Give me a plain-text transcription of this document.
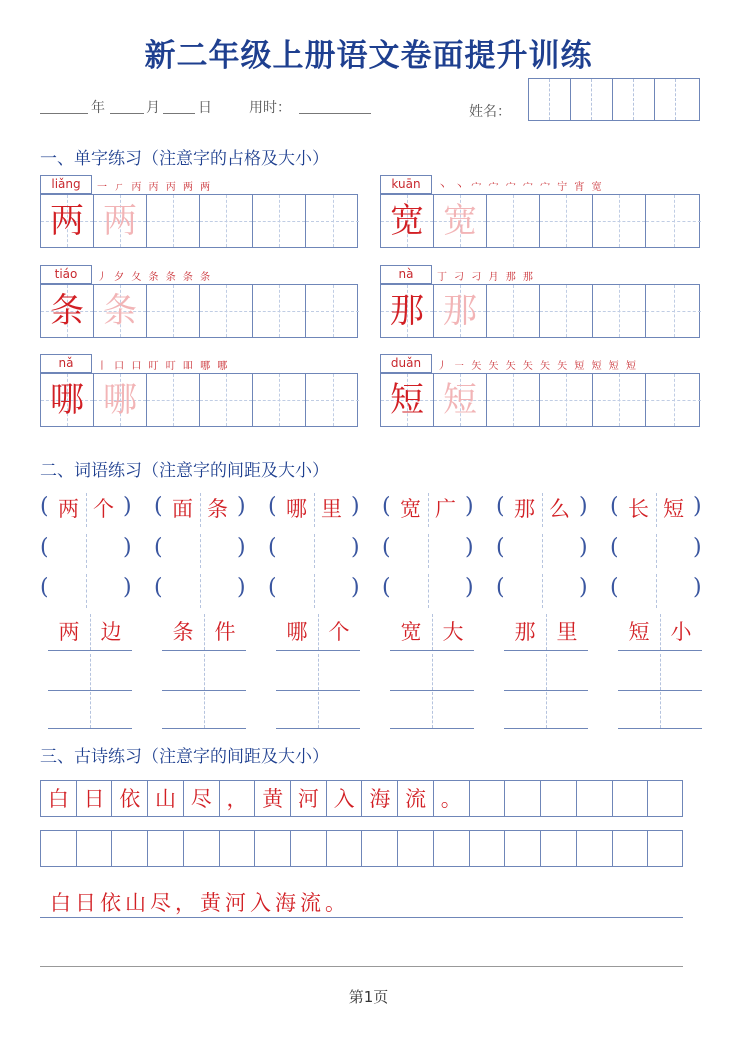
新二年级上册语文卷面提升训练
年	月	日	用时：	姓名：
一、单字练习（注意字的占格及大小）
liǎng	一 ㄏ 丙 丙 丙 两 两
两 两
kuān	丶 丶 宀 宀 宀 宀 宀 宁 宵 宽
宽 宽
tiáo	丿 夕 夂 条 条 条 条
条 条
nà	丁 刁 刁 月 那 那
那 那
nǎ	丨 口 口 叮 叮 吅 哪 哪
哪 哪
duǎn	丿 ㇐ 矢 矢 矢 矢 矢 矢 短 短 短 短
短 短
二、词语练习（注意字的间距及大小）
( 两 个 ) ( 面 条 ) ( 哪 里 ) ( 宽 广 ) ( 那 么 ) ( 长 短 )
(	) (	) (	) (	) (	) (	)
(	) (	) (	) (	) (	) (	)
两	边	条	件	哪	个	宽	大	那	里	短	小
三、古诗练习（注意字的间距及大小）
白 日 依 山 尽 ， 黄 河 入 海 流 。
白日依山尽，黄河入海流。
第1页
